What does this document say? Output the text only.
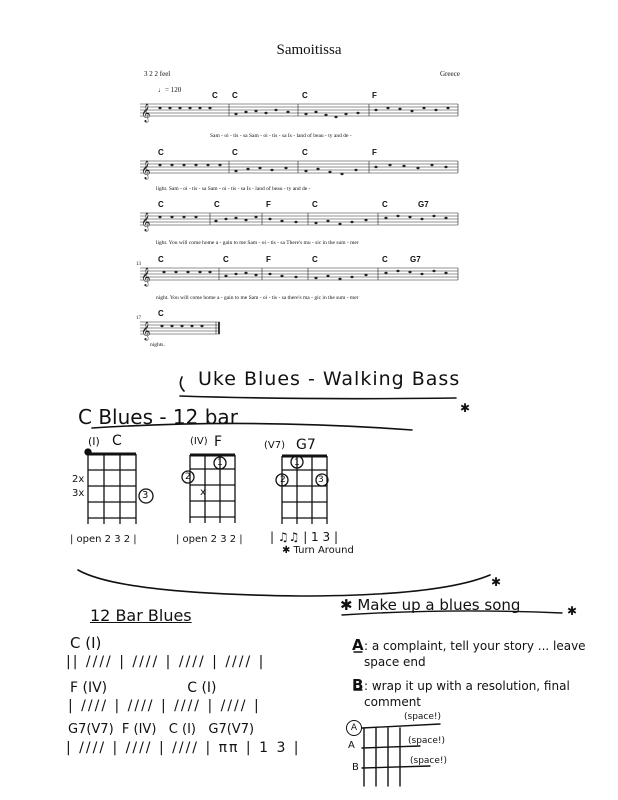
Samoitissa
3 2 2 feel	Greece
♩= 120
𝄞
𝄞
𝄞
𝄞
𝄞
C C	C	F
C	C	C	F
C	C	F	C	C	G7
C	C	F	C	C	G7
C
13
17
Sam - oi - tis - sa Sam - oi - tis - sa Is - land of beau - ty and de -
light. Sam - oi - tis - sa Sam - oi - tis - sa Is - land of beau - ty and de -
light. You will come home a - gain to me Sam - oi - tis - sa There's mu - sic in the sum - mer
night. You will come home a - gain to me Sam - oi - tis - sa there's ma - gic in the sum - mer
nights.
Uke Blues - Walking Bass
✱
✱
✱
C Blues - 12 bar
(I) C
2x
3x	3
| open 2 3 2 |
(IV) F
2
x
1
| open 2 3 2 |
(V7) G7
2	3
1
| ♫♫ | 1 3 |
✱ Turn Around
12 Bar Blues
C (I)
|| //// | //// | //// | //// |
F (IV)                  C (I)
| //// | //// | //// | //// |
G7(V7)  F (IV)   C (I)   G7(V7)
| //// | //// | //// | ππ | 1 3 |
✱ Make up a blues song
A : a complaint, tell your story ... leave space end
B : wrap it up with a resolution, final comment
A
(space!)
A	(space!)
B
(space!)
